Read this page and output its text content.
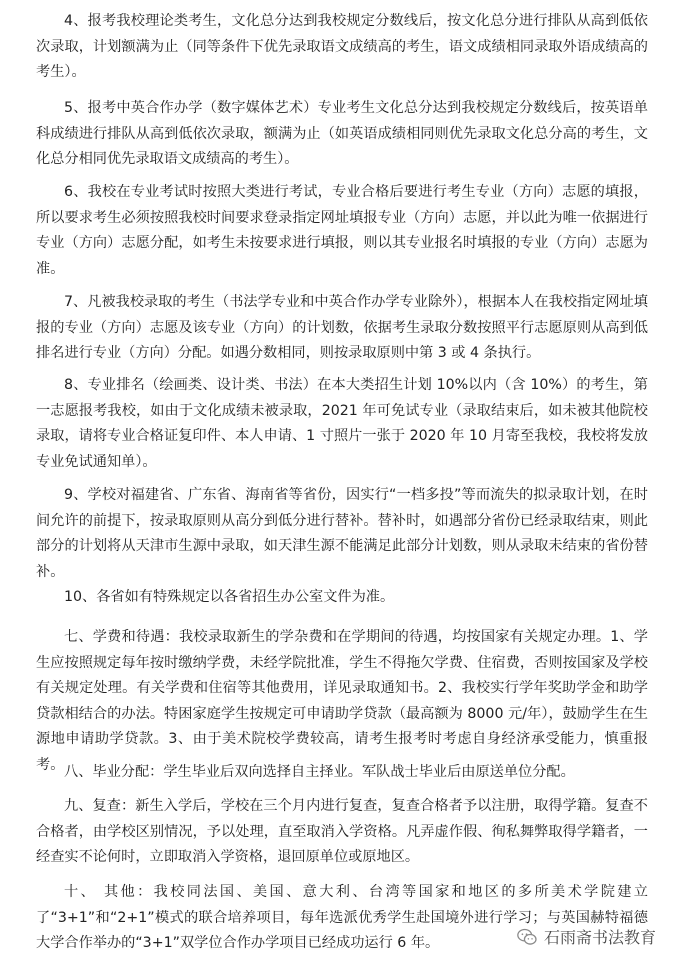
4、报考我校理论类考生，文化总分达到我校规定分数线后，按文化总分进行排队从高到低依次录取，计划额满为止（同等条件下优先录取语文成绩高的考生，语文成绩相同录取外语成绩高的考生）。

5、报考中英合作办学（数字媒体艺术）专业考生文化总分达到我校规定分数线后，按英语单科成绩进行排队从高到低依次录取，额满为止（如英语成绩相同则优先录取文化总分高的考生，文化总分相同优先录取语文成绩高的考生）。

6、我校在专业考试时按照大类进行考试，专业合格后要进行考生专业（方向）志愿的填报，所以要求考生必须按照我校时间要求登录指定网址填报专业（方向）志愿，并以此为唯一依据进行专业（方向）志愿分配，如考生未按要求进行填报，则以其专业报名时填报的专业（方向）志愿为准。

7、凡被我校录取的考生（书法学专业和中英合作办学专业除外），根据本人在我校指定网址填报的专业（方向）志愿及该专业（方向）的计划数，依据考生录取分数按照平行志愿原则从高到低排名进行专业（方向）分配。如遇分数相同，则按录取原则中第 3 或 4 条执行。

8、专业排名（绘画类、设计类、书法）在本大类招生计划 10%以内（含 10%）的考生，第一志愿报考我校，如由于文化成绩未被录取，2021 年可免试专业（录取结束后，如未被其他院校录取，请将专业合格证复印件、本人申请、1 寸照片一张于 2020 年 10 月寄至我校，我校将发放专业免试通知单）。

9、学校对福建省、广东省、海南省等省份，因实行“一档多投”等而流失的拟录取计划，在时间允许的前提下，按录取原则从高分到低分进行替补。替补时，如遇部分省份已经录取结束，则此部分的计划将从天津市生源中录取，如天津生源不能满足此部分计划数，则从录取未结束的省份替补。

10、各省如有特殊规定以各省招生办公室文件为准。

七、学费和待遇：我校录取新生的学杂费和在学期间的待遇，均按国家有关规定办理。1、学生应按照规定每年按时缴纳学费，未经学院批准，学生不得拖欠学费、住宿费，否则按国家及学校有关规定处理。有关学费和住宿等其他费用，详见录取通知书。2、我校实行学年奖助学金和助学贷款相结合的办法。特困家庭学生按规定可申请助学贷款（最高额为 8000 元/年），鼓励学生在生源地申请助学贷款。3、由于美术院校学费较高，请考生报考时考虑自身经济承受能力，慎重报考。 八、毕业分配：学生毕业后双向选择自主择业。军队战士毕业后由原送单位分配。

九、复查：新生入学后，学校在三个月内进行复查，复查合格者予以注册，取得学籍。复查不合格者，由学校区别情况，予以处理，直至取消入学资格。凡弄虚作假、徇私舞弊取得学籍者，一经查实不论何时，立即取消入学资格，退回原单位或原地区。

十、 其他：我校同法国、美国、意大利、台湾等国家和地区的多所美术学院建立了“3+1”和“2+1”模式的联合培养项目，每年选派优秀学生赴国境外进行学习；与英国赫特福德大学合作举办的“3+1”双学位合作办学项目已经成功运行 6 年。	石雨斋书法教育
